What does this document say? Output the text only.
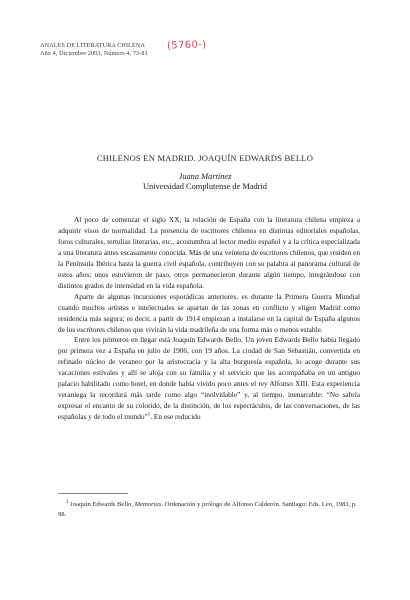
ANALES DE LITERATURA CHILENA
Año 4, Diciembre 2003, Número 4, 73-81
(5760-)
CHILENOS EN MADRID. JOAQUÍN EDWARDS BELLO
Juana Martínez
Universidad Complutense de Madrid

Al poco de comenzar el siglo XX, la relación de España con la literatura chilena empieza a adquirir visos de normalidad. La presencia de escritores chilenos en distintas editoriales españolas, foros culturales, tertulias literarias, etc., acostumbra al lector medio español y a la crítica especializada a una literatura antes escasamente conocida. Más de una veintena de escritores chilenos, que residen en la Península Ibérica hasta la guerra civil española, contribuyen con su palabra al panorama cultural de estos años; unos estuvieron de paso, otros permanecieron durante algún tiempo, integrándose con distintos grados de intensidad en la vida española.

Aparte de algunas incursiones esporádicas anteriores, es durante la Primera Guerra Mundial cuando muchos artistas e intelectuales se apartan de las zonas en conflicto y eligen Madrid como residencia más segura; es decir, a partir de 1914 empiezan a instalarse en la capital de España algunos de los escritores chilenos que vivirán la vida madrileña de una forma más o menos estable.

Entre los primeros en llegar está Joaquín Edwards Bello. Un joven Edwards Bello había llegado por primera vez a España en julio de 1906, con 19 años. La ciudad de San Sebastián, convertida en refinado núcleo de veraneo por la aristocracia y la alta burguesía española, lo acoge durante sus vacaciones estivales y allí se aloja con su familia y el servicio que les acompañaba en un antiguo palacio habilitado como hotel, en donde había vivido poco antes el rey Alfonso XIII. Esta experiencia veraniega la recordará más tarde como algo “inolvidable” y, al tiempo, inenarrable: “No sabría expresar el encanto de su colorido, de la distinción, de los espectáculos, de las conversaciones, de las españolas y de todo el mundo”$^1$. En ese reducido

$^1$ Joaquín Edwards Bello, Memorias. Ordenación y prólogo de Alfonso Calderón. Santiago: Eds. Leo, 1983, p. 98.
